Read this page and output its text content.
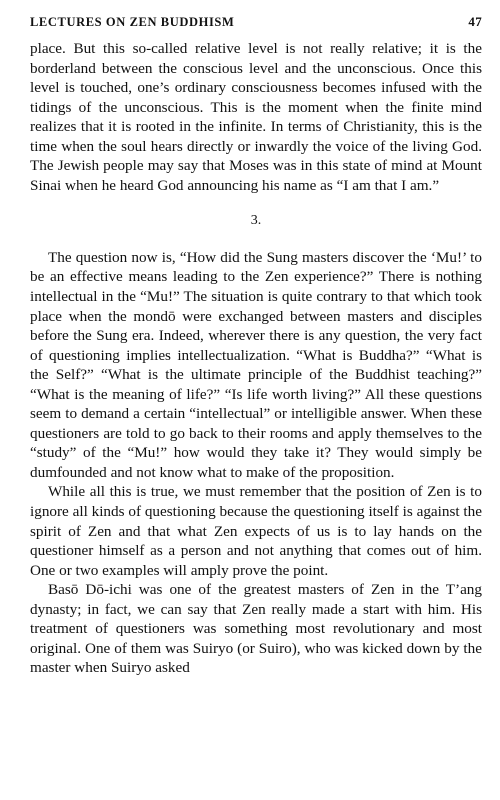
LECTURES ON ZEN BUDDHISM	47

place. But this so-called relative level is not really relative; it is the borderland between the conscious level and the unconscious. Once this level is touched, one’s ordinary consciousness becomes infused with the tidings of the unconscious. This is the moment when the finite mind realizes that it is rooted in the infinite. In terms of Christianity, this is the time when the soul hears directly or inwardly the voice of the living God. The Jewish people may say that Moses was in this state of mind at Mount Sinai when he heard God announcing his name as “I am that I am.”

3.

The question now is, “How did the Sung masters discover the ‘Mu!’ to be an effective means leading to the Zen experience?” There is nothing intellectual in the “Mu!” The situation is quite contrary to that which took place when the mondō were exchanged between masters and disciples before the Sung era. Indeed, wherever there is any question, the very fact of questioning implies intellectualization. “What is Buddha?” “What is the Self?” “What is the ultimate principle of the Buddhist teaching?” “What is the meaning of life?” “Is life worth living?” All these questions seem to demand a certain “intellectual” or intelligible answer. When these questioners are told to go back to their rooms and apply themselves to the “study” of the “Mu!” how would they take it? They would simply be dumfounded and not know what to make of the proposition.

While all this is true, we must remember that the position of Zen is to ignore all kinds of questioning because the questioning itself is against the spirit of Zen and that what Zen expects of us is to lay hands on the questioner himself as a person and not anything that comes out of him. One or two examples will amply prove the point.

Basō Dō-ichi was one of the greatest masters of Zen in the T’ang dynasty; in fact, we can say that Zen really made a start with him. His treatment of questioners was something most revolutionary and most original. One of them was Suiryo (or Suiro), who was kicked down by the master when Suiryo asked
